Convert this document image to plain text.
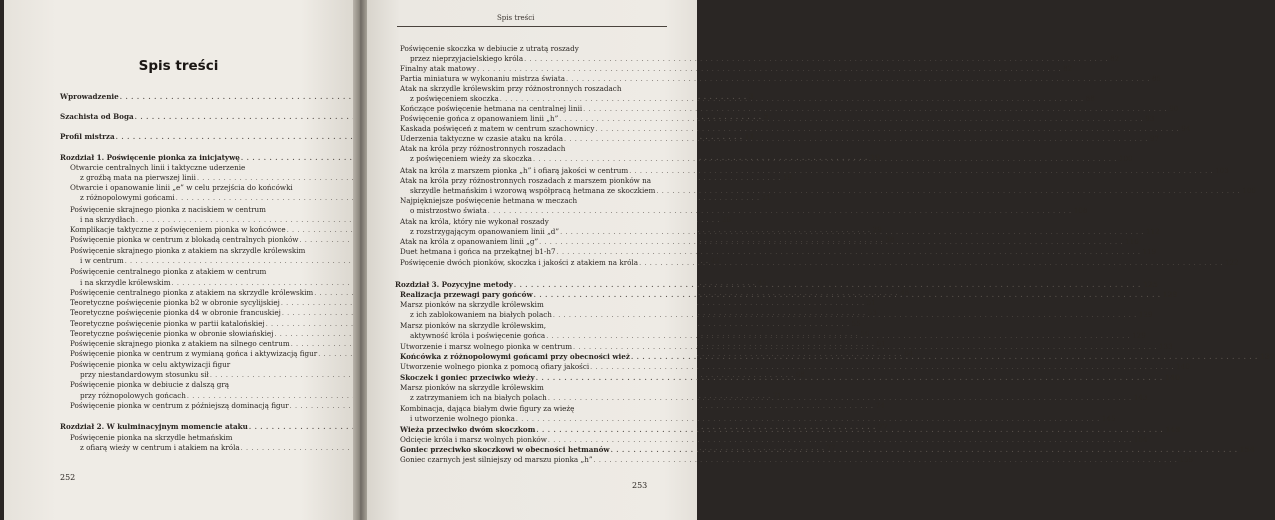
Spis treści
Wprowadzenie . . .	3
Szachista od Boga . . .	5
Profil mistrza . . .	11
Rozdział 1. Poświęcenie pionka za inicjatywę . . .	19
Otwarcie centralnych linii i taktyczne uderzenie
z groźbą mata na pierwszej linii . . .	19
Otwarcie i opanowanie linii „e” w celu przejścia do końcówki
z różnopolowymi gońcami . . .	21
Poświęcenie skrajnego pionka z naciskiem w centrum
i na skrzydłach . . .	26
Komplikacje taktyczne z poświęceniem pionka w końcówce . . .	29
Poświęcenie pionka w centrum z blokadą centralnych pionków . . .	38
Poświęcenie skrajnego pionka z atakiem na skrzydle królewskim
i w centrum . . .	42
Poświęcenie centralnego pionka z atakiem w centrum
i na skrzydle królewskim . . .	45
Poświęcenie centralnego pionka z atakiem na skrzydle królewskim . . .	48
Teoretyczne poświęcenie pionka b2 w obronie sycylijskiej . . .	51
Teoretyczne poświęcenie pionka d4 w obronie francuskiej . . .	53
Teoretyczne poświęcenie pionka w partii katalońskiej . . .	55
Teoretyczne poświęcenie pionka w obronie słowiańskiej . . .	56
Poświęcenie skrajnego pionka z atakiem na silnego centrum . . .	61
Poświęcenie pionka w centrum z wymianą gońca i aktywizacją figur . . .	64
Poświęcenie pionka w celu aktywizacji figur
przy niestandardowym stosunku sił . . .	68
Poświęcenie pionka w debiucie z dalszą grą
przy różnopolowych gońcach . . .	71
Poświęcenie pionka w centrum z późniejszą dominacją figur . . .	74
Rozdział 2. W kulminacyjnym momencie ataku . . .	77
Poświęcenie pionka na skrzydle hetmańskim
z ofiarą wieży w centrum i atakiem na króla . . .	77
252
Spis treści
Poświęcenie skoczka w debiucie z utratą roszady
przez nieprzyjacielskiego króla . . .	82
Finalny atak matowy . . .	82
Partia miniatura w wykonaniu mistrza świata . . .	85
Atak na skrzydle królewskim przy różnostronnych roszadach
z poświęceniem skoczka . . .	88
Kończące poświęcenie hetmana na centralnej linii . . .	90
Poświęcenie gońca z opanowaniem linii „h” . . .	93
Kaskada poświęceń z matem w centrum szachownicy . . .	94
Uderzenia taktyczne w czasie ataku na króla . . .	97
Atak na króla przy różnostronnych roszadach
z poświęceniem wieży za skoczka . . .	100
Atak na króla z marszem pionka „h” i ofiarą jakości w centrum . . .	103
Atak na króla przy różnostronnych roszadach z marszem pionków na
skrzydle hetmańskim i wzorową współpracą hetmana ze skoczkiem . . .	106
Najpiękniejsze poświęcenie hetmana w meczach
o mistrzostwo świata . . .	108
Atak na króla, który nie wykonał roszady
z rozstrzygającym opanowaniem linii „d” . . .	112
Atak na króla z opanowaniem linii „g” . . .	116
Duet hetmana i gońca na przekątnej b1-h7 . . .	119
Poświęcenie dwóch pionków, skoczka i jakości z atakiem na króla . . .	122
Rozdział 3. Pozycyjne metody . . .	125
Realizacja przewagi pary gońców . . .	129
Marsz pionków na skrzydle królewskim
z ich zablokowaniem na białych polach . . .	129
Marsz pionków na skrzydle królewskim,
aktywność króla i poświęcenie gońca . . .	129
Utworzenie i marsz wolnego pionka w centrum . . .	133
Końcówka z różnopolowymi gońcami przy obecności wież . . .	137
Utworzenie wolnego pionka z pomocą ofiary jakości . . .	140
Skoczek i goniec przeciwko wieży . . .	140
Marsz pionków na skrzydle królewskim
z zatrzymaniem ich na białych polach . . .	143
Kombinacja, dająca białym dwie figury za wieżę
i utworzenie wolnego pionka . . .	145
Wieża przeciwko dwóm skoczkom . . .	148
Odcięcie króla i marsz wolnych pionków . . .	154
Goniec przeciwko skoczkowi w obecności hetmanów . . .	154
Goniec czarnych jest silniejszy od marszu pionka „h” . . .	159
253
